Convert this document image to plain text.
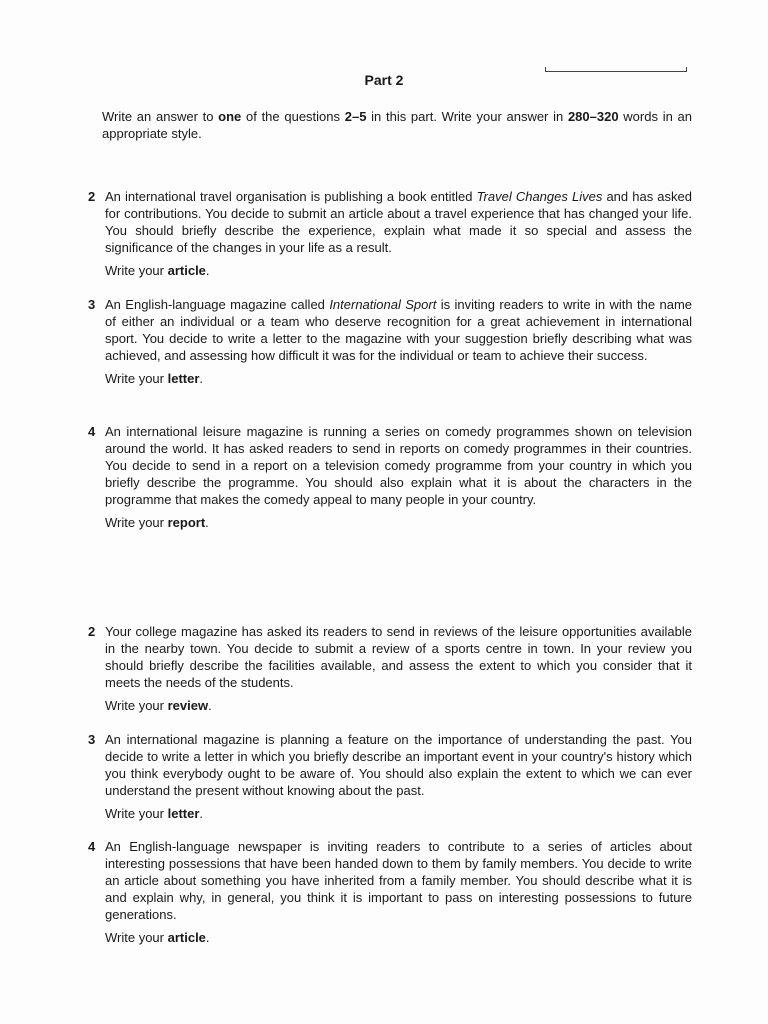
Part 2
Write an answer to one of the questions 2–5 in this part. Write your answer in 280–320 words in an appropriate style.
2 An international travel organisation is publishing a book entitled Travel Changes Lives and has asked for contributions. You decide to submit an article about a travel experience that has changed your life. You should briefly describe the experience, explain what made it so special and assess the significance of the changes in your life as a result.
Write your article.
3 An English-language magazine called International Sport is inviting readers to write in with the name of either an individual or a team who deserve recognition for a great achievement in international sport. You decide to write a letter to the magazine with your suggestion briefly describing what was achieved, and assessing how difficult it was for the individual or team to achieve their success.
Write your letter.
4 An international leisure magazine is running a series on comedy programmes shown on television around the world. It has asked readers to send in reports on comedy programmes in their countries. You decide to send in a report on a television comedy programme from your country in which you briefly describe the programme. You should also explain what it is about the characters in the programme that makes the comedy appeal to many people in your country.
Write your report.
2 Your college magazine has asked its readers to send in reviews of the leisure opportunities available in the nearby town. You decide to submit a review of a sports centre in town. In your review you should briefly describe the facilities available, and assess the extent to which you consider that it meets the needs of the students.
Write your review.
3 An international magazine is planning a feature on the importance of understanding the past. You decide to write a letter in which you briefly describe an important event in your country's history which you think everybody ought to be aware of. You should also explain the extent to which we can ever understand the present without knowing about the past.
Write your letter.
4 An English-language newspaper is inviting readers to contribute to a series of articles about interesting possessions that have been handed down to them by family members. You decide to write an article about something you have inherited from a family member. You should describe what it is and explain why, in general, you think it is important to pass on interesting possessions to future generations.
Write your article.
